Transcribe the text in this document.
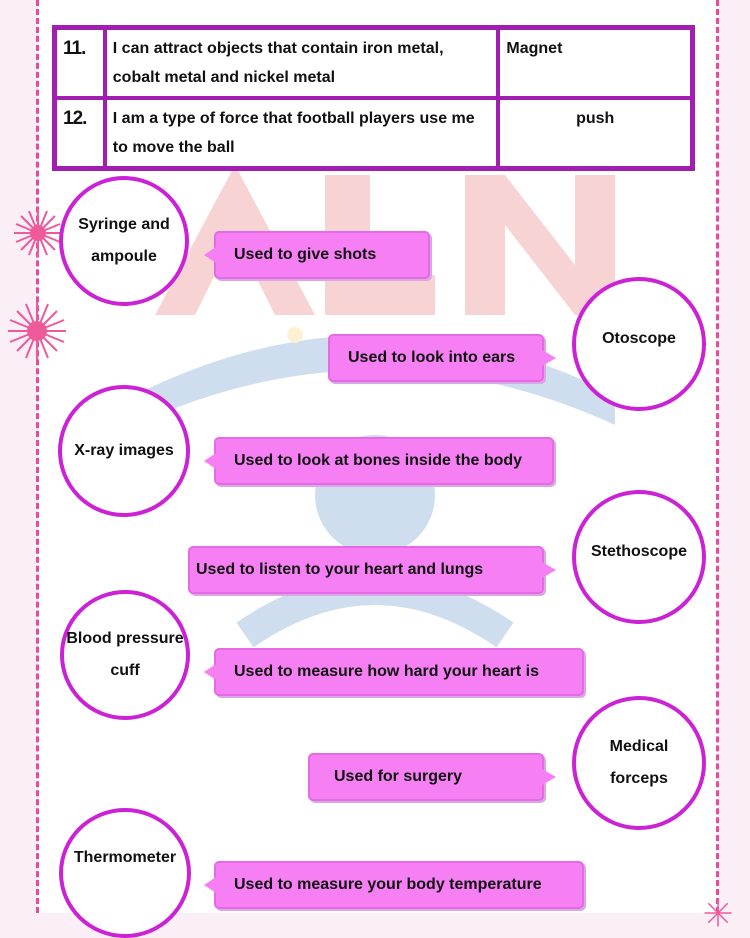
11.	I can attract objects that contain iron metal, cobalt metal and nickel metal	Magnet
12.	I am a type of force that football players use me to move the ball	push
Syringe and ampoule
Otoscope
X-ray images
Stethoscope
Blood pressure cuff
Medical forceps
Thermometer
Used to give shots
Used to look into ears
Used to look at bones inside the body
Used to listen to your heart and lungs
Used to measure how hard your heart is
Used for surgery
Used to measure your body temperature
